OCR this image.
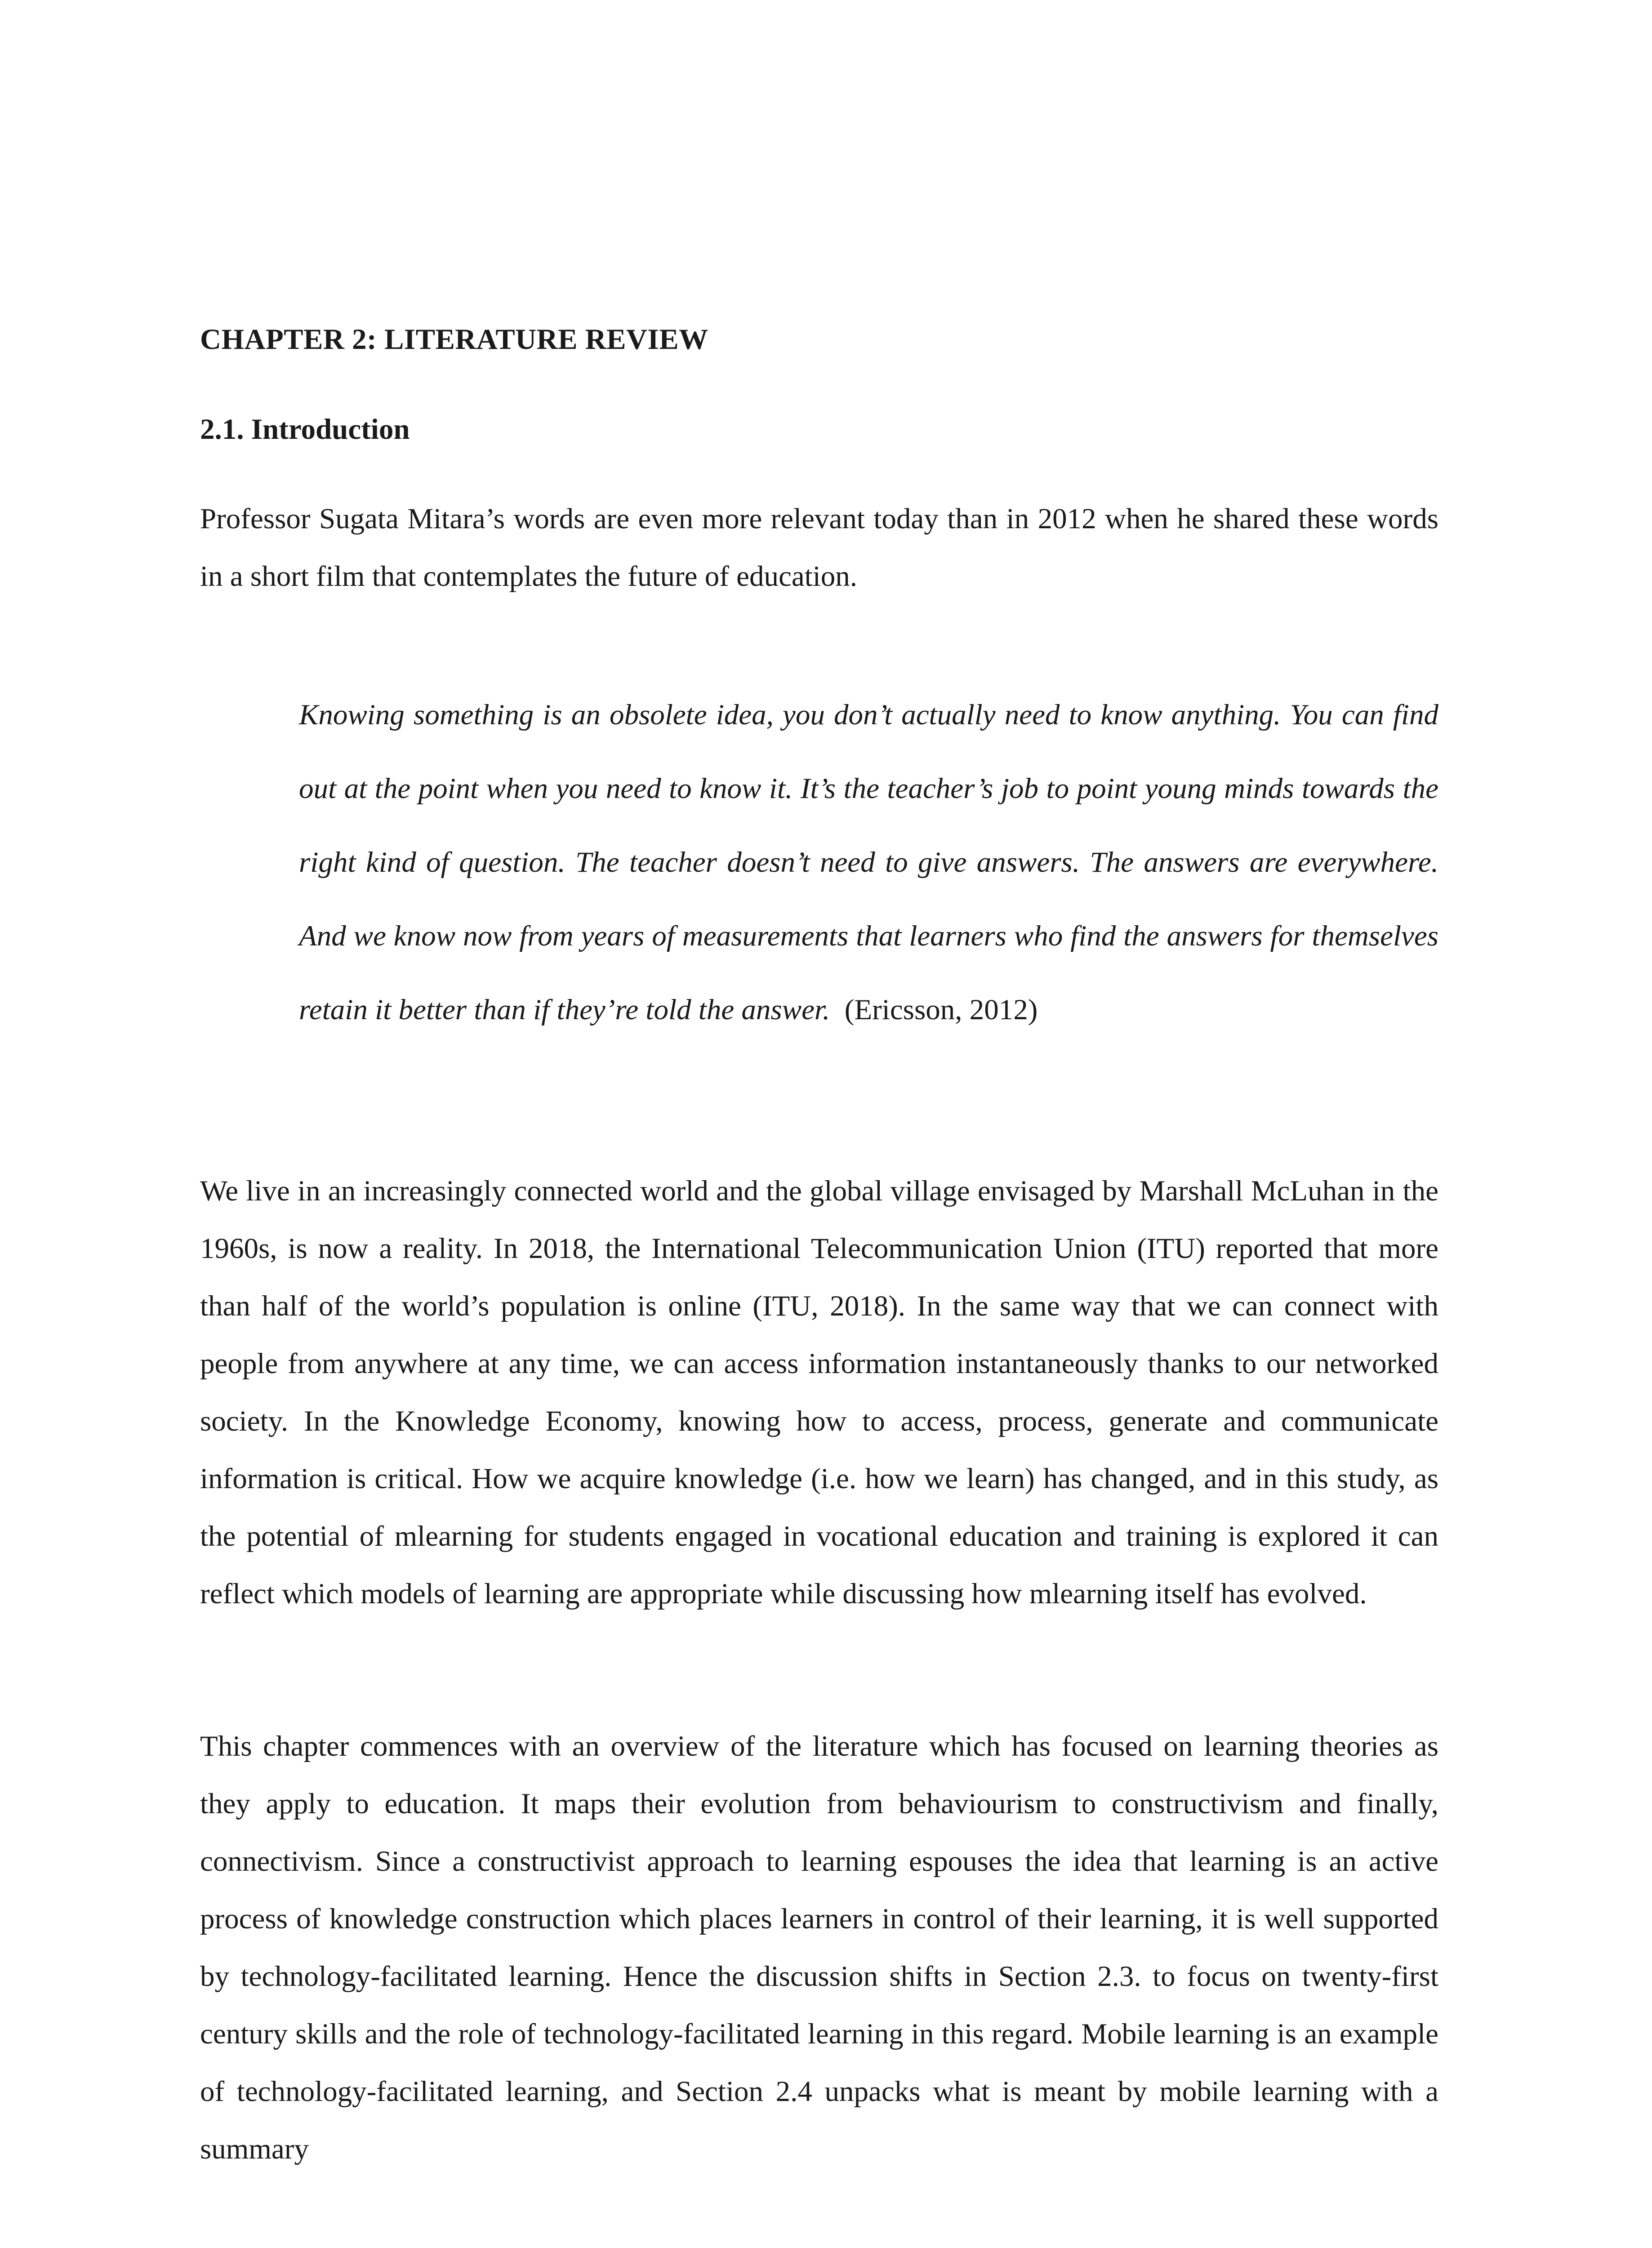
CHAPTER 2: LITERATURE REVIEW
2.1. Introduction

Professor Sugata Mitara’s words are even more relevant today than in 2012 when he shared these words in a short film that contemplates the future of education.

Knowing something is an obsolete idea, you don’t actually need to know anything. You can find out at the point when you need to know it. It’s the teacher’s job to point young minds towards the right kind of question. The teacher doesn’t need to give answers. The answers are everywhere. And we know now from years of measurements that learners who find the answers for themselves retain it better than if they’re told the answer. (Ericsson, 2012)

We live in an increasingly connected world and the global village envisaged by Marshall McLuhan in the 1960s, is now a reality. In 2018, the International Telecommunication Union (ITU) reported that more than half of the world’s population is online (ITU, 2018). In the same way that we can connect with people from anywhere at any time, we can access information instantaneously thanks to our networked society. In the Knowledge Economy, knowing how to access, process, generate and communicate information is critical. How we acquire knowledge (i.e. how we learn) has changed, and in this study, as the potential of mlearning for students engaged in vocational education and training is explored it can reflect which models of learning are appropriate while discussing how mlearning itself has evolved.

This chapter commences with an overview of the literature which has focused on learning theories as they apply to education. It maps their evolution from behaviourism to constructivism and finally, connectivism. Since a constructivist approach to learning espouses the idea that learning is an active process of knowledge construction which places learners in control of their learning, it is well supported by technology-facilitated learning. Hence the discussion shifts in Section 2.3. to focus on twenty-first century skills and the role of technology-facilitated learning in this regard. Mobile learning is an example of technology-facilitated learning, and Section 2.4 unpacks what is meant by mobile learning with a summary
